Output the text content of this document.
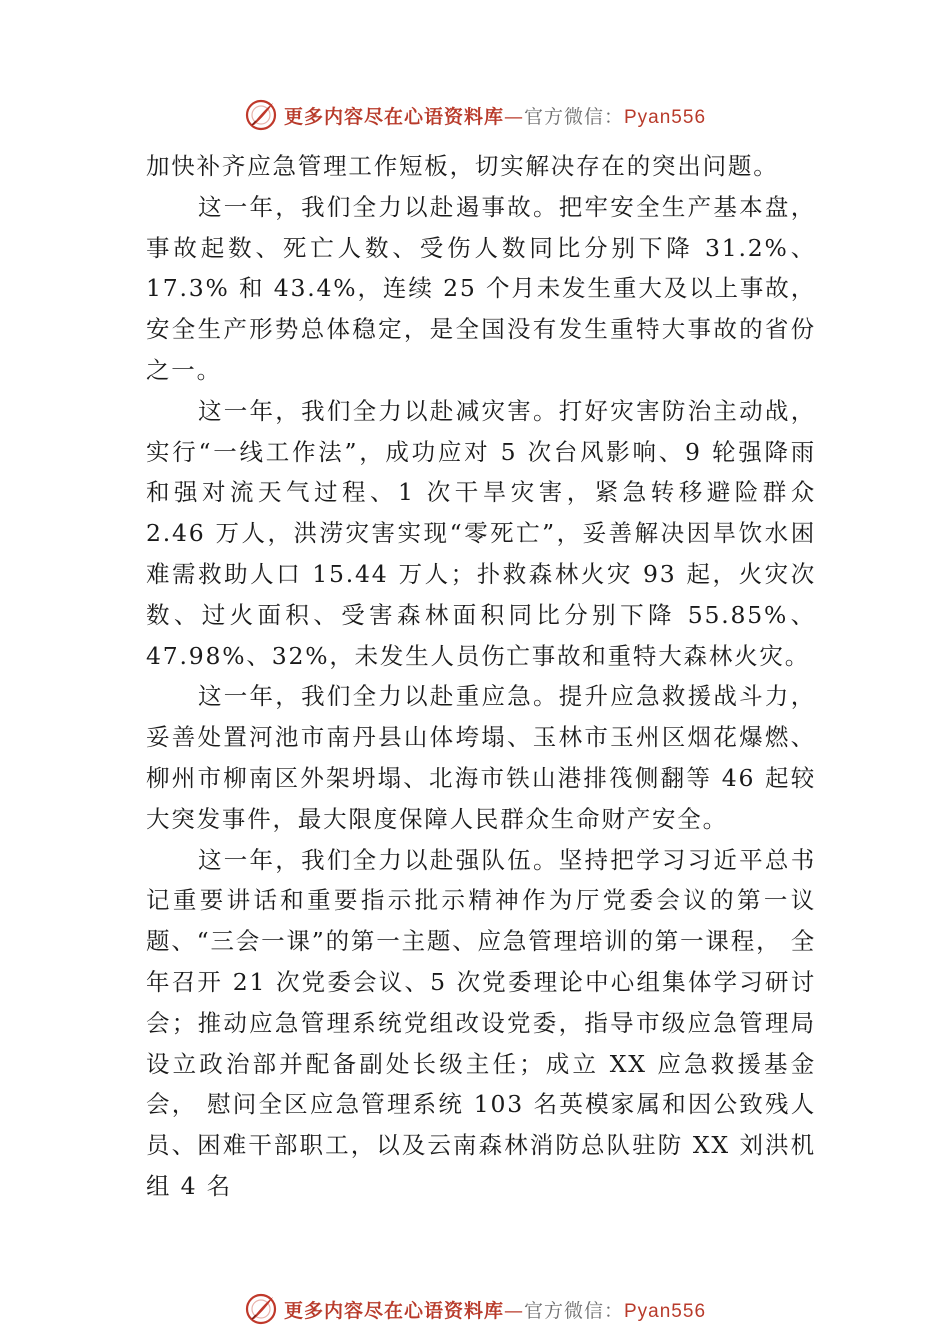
更多内容尽在心语资料库—官方微信：Pyan556

加快补齐应急管理工作短板，切实解决存在的突出问题。

这一年，我们全力以赴遏事故。把牢安全生产基本盘，事故起数、死亡人数、受伤人数同比分别下降 31.2%、17.3% 和 43.4%，连续 25 个月未发生重大及以上事故，安全生产形势总体稳定，是全国没有发生重特大事故的省份之一。

这一年，我们全力以赴减灾害。打好灾害防治主动战，实行“一线工作法”，成功应对 5 次台风影响、9 轮强降雨和强对流天气过程、1 次干旱灾害，紧急转移避险群众 2.46 万人，洪涝灾害实现“零死亡”，妥善解决因旱饮水困难需救助人口 15.44 万人；扑救森林火灾 93 起，火灾次数、过火面积、受害森林面积同比分别下降 55.85%、47.98%、32%，未发生人员伤亡事故和重特大森林火灾。

这一年，我们全力以赴重应急。提升应急救援战斗力，妥善处置河池市南丹县山体垮塌、玉林市玉州区烟花爆燃、 柳州市柳南区外架坍塌、北海市铁山港排筏侧翻等 46 起较大突发事件，最大限度保障人民群众生命财产安全。

这一年，我们全力以赴强队伍。坚持把学习习近平总书记重要讲话和重要指示批示精神作为厅党委会议的第一议题、“三会一课”的第一主题、应急管理培训的第一课程， 全年召开 21 次党委会议、5 次党委理论中心组集体学习研讨会；推动应急管理系统党组改设党委，指导市级应急管理局设立政治部并配备副处长级主任；成立 XX 应急救援基金会， 慰问全区应急管理系统 103 名英模家属和因公致残人员、困难干部职工，以及云南森林消防总队驻防 XX 刘洪机组 4 名

更多内容尽在心语资料库—官方微信：Pyan556
